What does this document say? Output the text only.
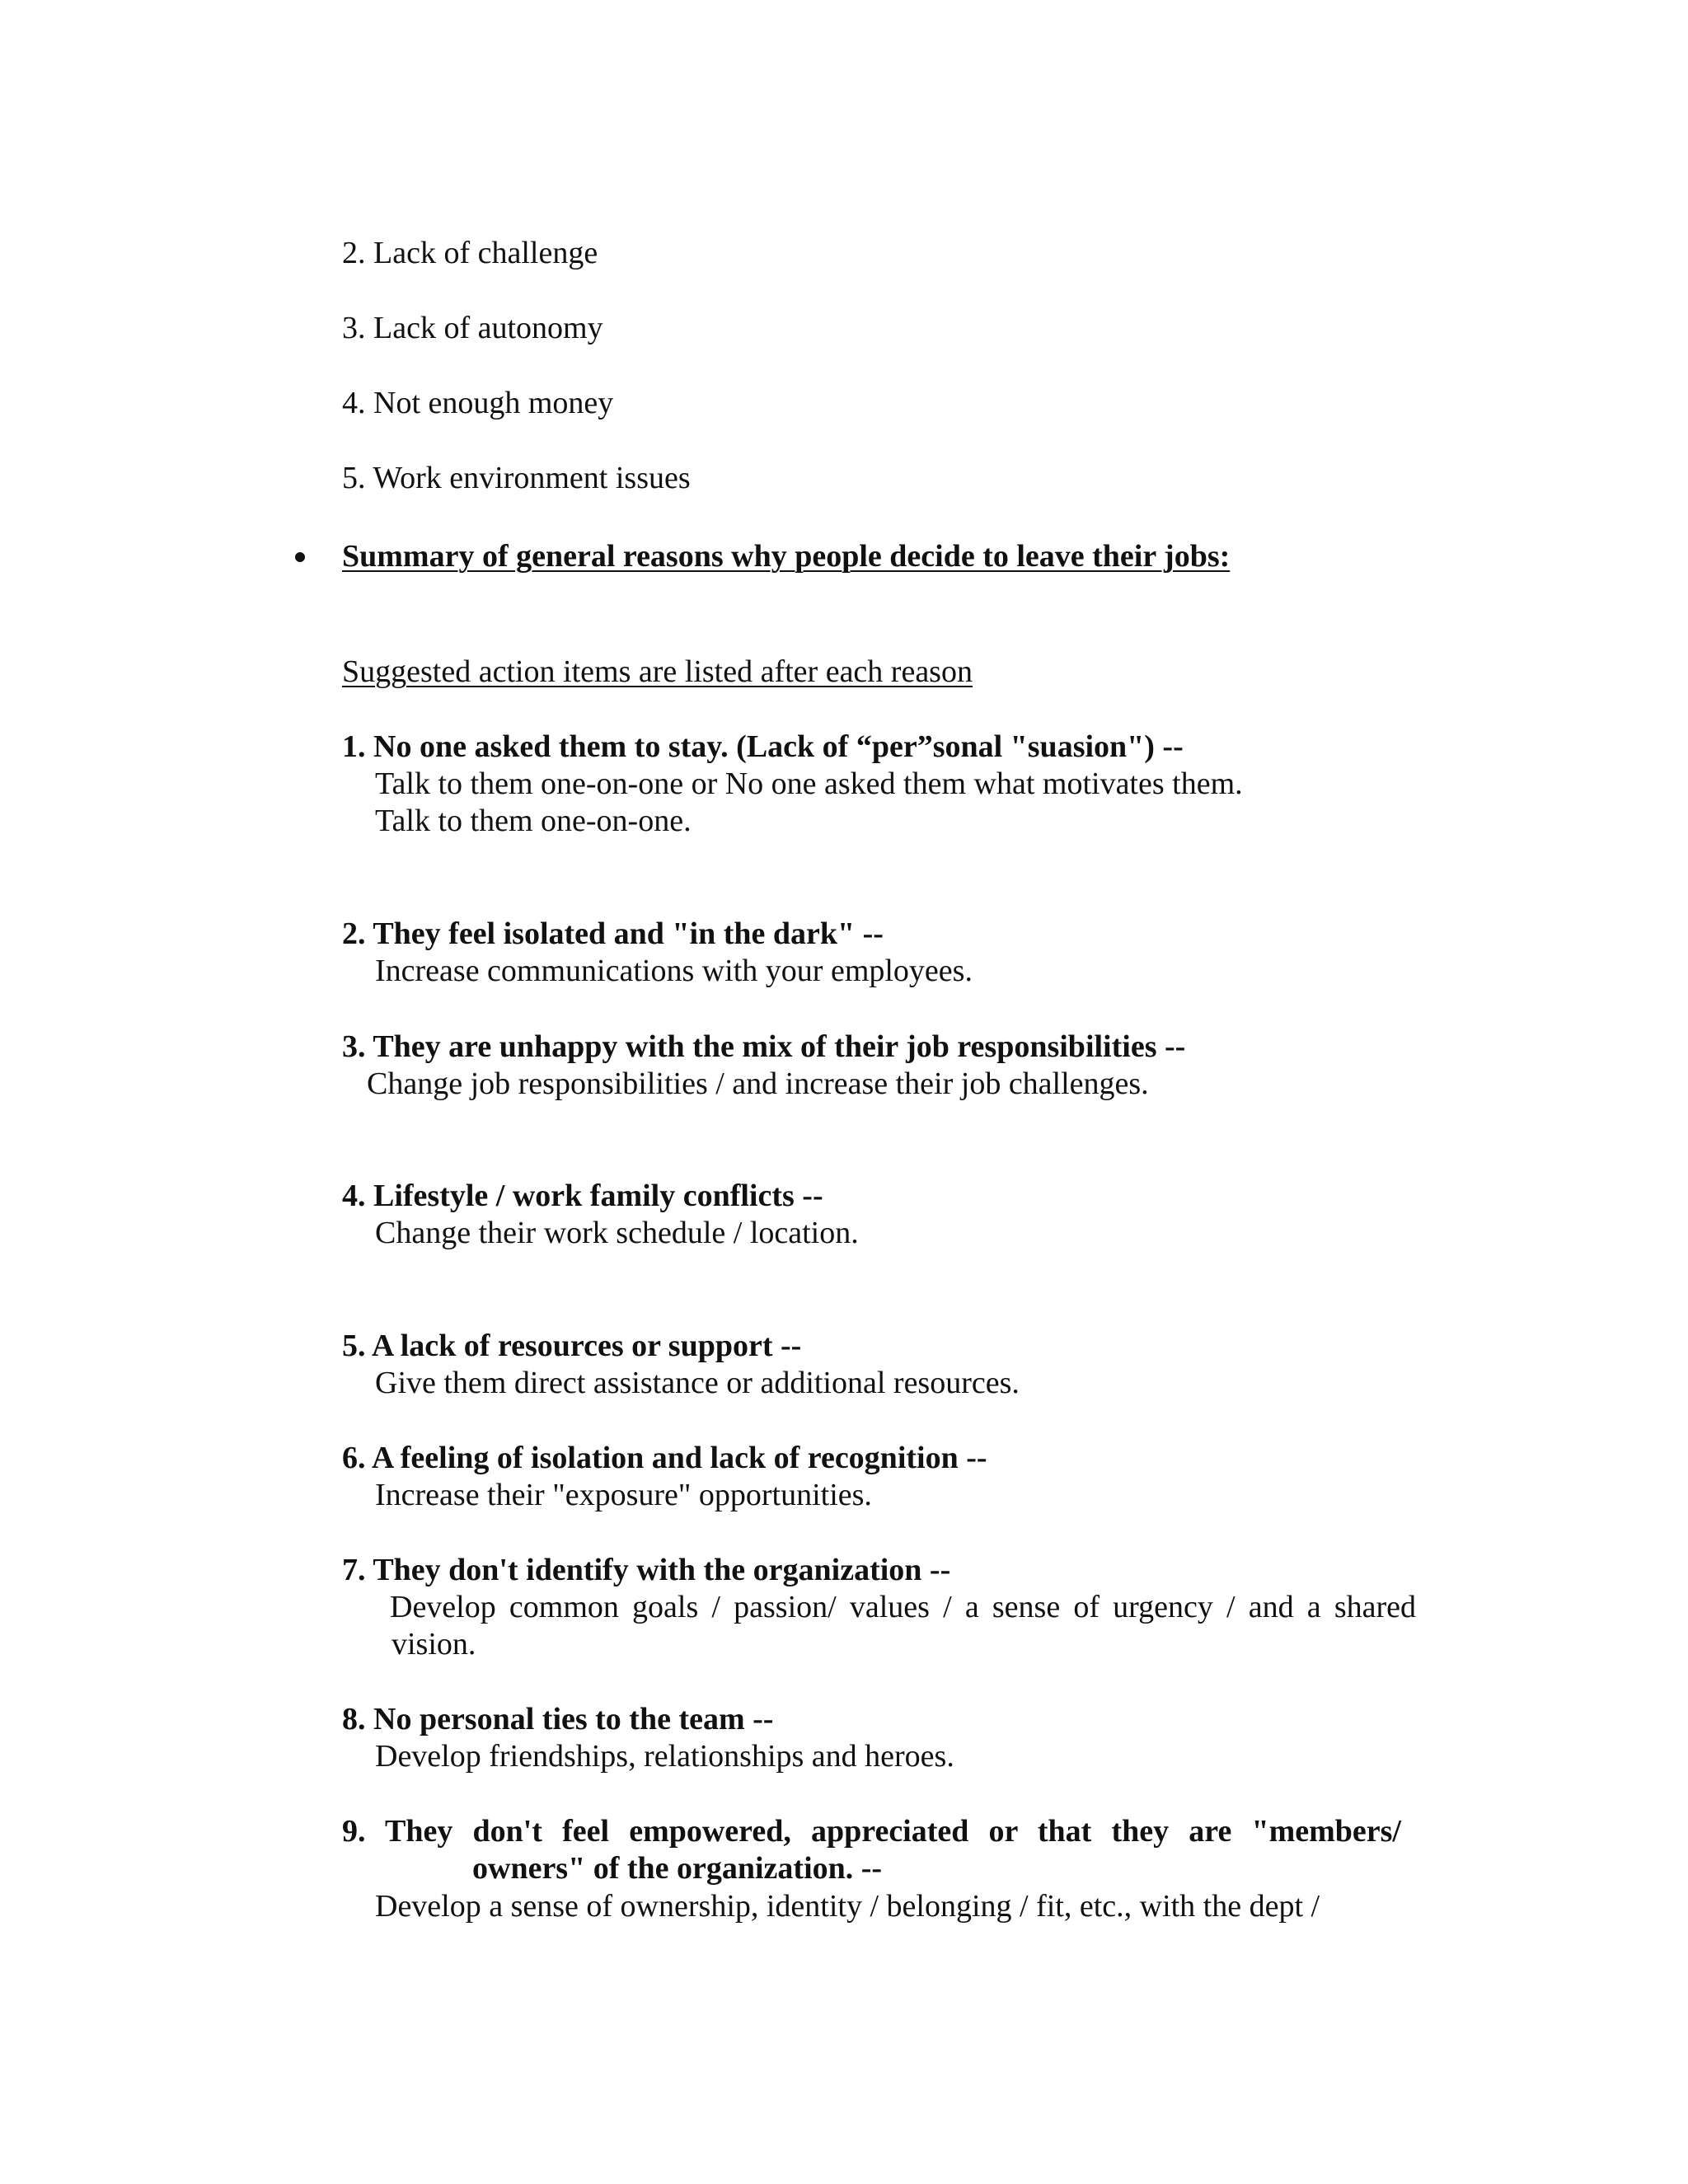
2. Lack of challenge
3. Lack of autonomy
4. Not enough money
5. Work environment issues
Summary of general reasons why people decide to leave their jobs:
Suggested action items are listed after each reason
1. No one asked them to stay. (Lack of “per”sonal "suasion") --
Talk to them one-on-one or No one asked them what motivates them.
Talk to them one-on-one.
2. They feel isolated and "in the dark" --
Increase communications with your employees.
3. They are unhappy with the mix of their job responsibilities --
Change job responsibilities / and increase their job challenges.
4. Lifestyle / work family conflicts --
Change their work schedule / location.
5. A lack of resources or support --
Give them direct assistance or additional resources.
6. A feeling of isolation and lack of recognition --
Increase their "exposure" opportunities.
7. They don't identify with the organization --
Develop common goals / passion/ values / a sense of urgency / and a shared
vision.
8. No personal ties to the team --
Develop friendships, relationships and heroes.
9. They don't feel empowered, appreciated or that they are "members/
owners" of the organization. --
Develop a sense of ownership, identity / belonging / fit, etc., with the dept /
